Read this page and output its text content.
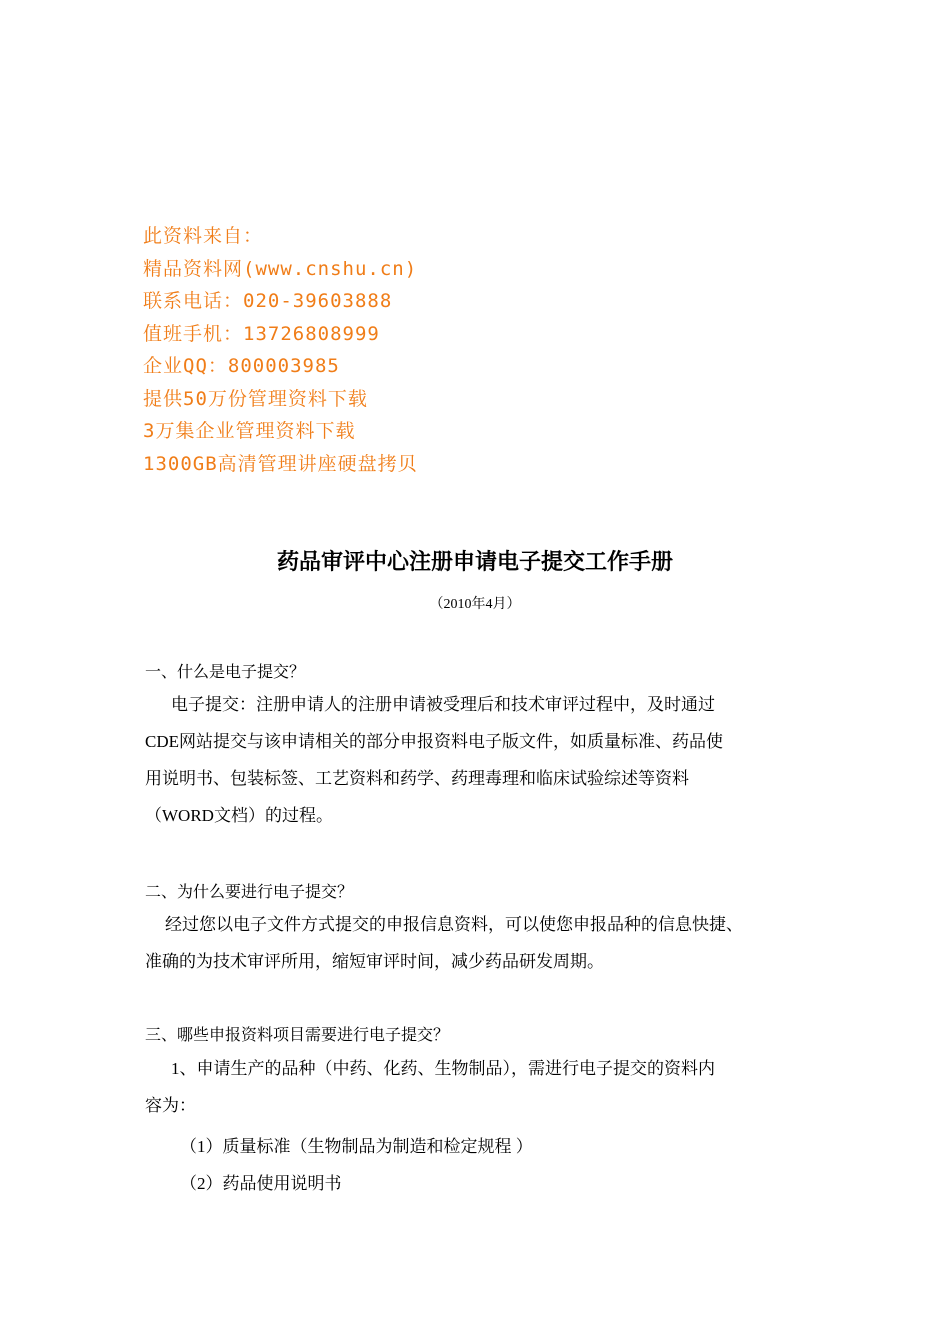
此资料来自：
精品资料网(www.cnshu.cn)
联系电话：020-39603888
值班手机：13726808999
企业QQ：800003985
提供50万份管理资料下载
3万集企业管理资料下载
1300GB高清管理讲座硬盘拷贝
药品审评中心注册申请电子提交工作手册
（2010年4月）
一、什么是电子提交？
电子提交：注册申请人的注册申请被受理后和技术审评过程中，及时通过
CDE网站提交与该申请相关的部分申报资料电子版文件，如质量标准、药品使
用说明书、包装标签、工艺资料和药学、药理毒理和临床试验综述等资料
（WORD文档）的过程。
二、为什么要进行电子提交？
经过您以电子文件方式提交的申报信息资料，可以使您申报品种的信息快捷、
准确的为技术审评所用，缩短审评时间，减少药品研发周期。
三、哪些申报资料项目需要进行电子提交？
1、申请生产的品种（中药、化药、生物制品），需进行电子提交的资料内
容为：
（1）质量标准（生物制品为制造和检定规程 ）
（2）药品使用说明书
